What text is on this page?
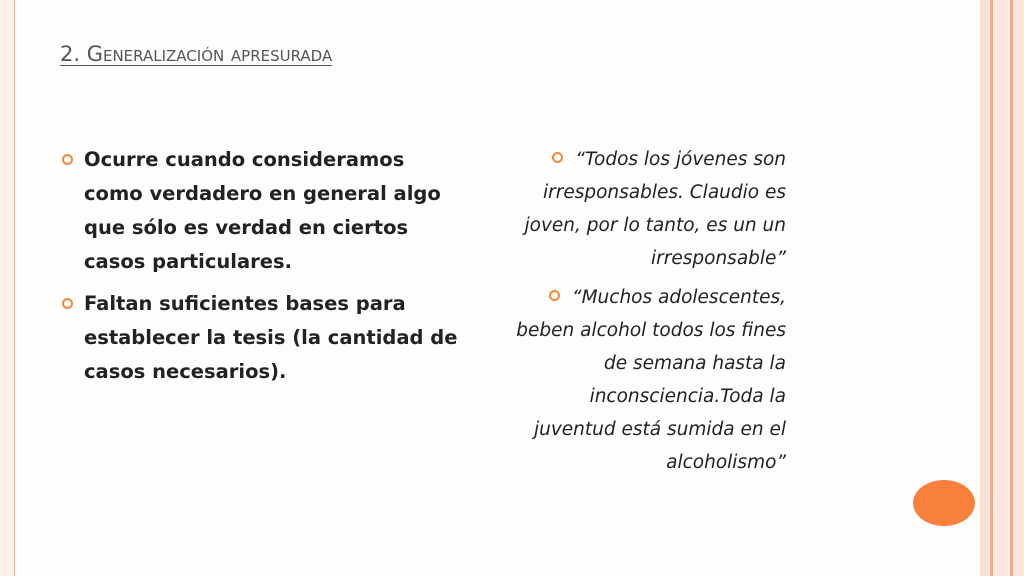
2. Generalización apresurada
Ocurre cuando consideramos como verdadero en general algo que sólo es verdad en ciertos casos particulares.
Faltan suficientes bases para establecer la tesis (la cantidad de casos necesarios).
“Todos los jóvenes son irresponsables. Claudio es joven, por lo tanto, es un un irresponsable”
“Muchos adolescentes, beben alcohol todos los fines de semana hasta la inconsciencia.Toda la juventud está sumida en el alcoholismo”
